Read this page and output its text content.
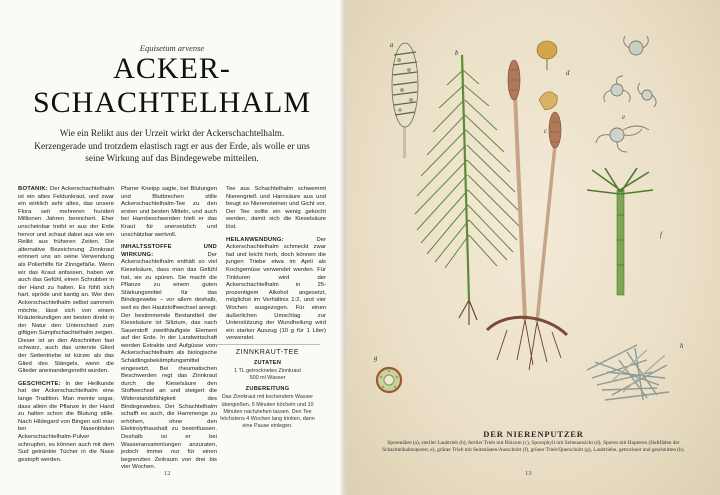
Equisetum arvense
ACKER-
SCHACHTELHALM
Wie ein Relikt aus der Urzeit wirkt der Ackerschachtelhalm. Kerzengerade und trotzdem elastisch ragt er aus der Erde, als wolle er uns seine Wirkung auf das Bindegewebe mitteilen.

BOTANIK: Der Ackerschachtelhalm ist ein altes Feldunkraut, und zwar ein wirklich sehr altes, das unsere Flora seit mehreren hundert Millionen Jahren bereichert. Eher unscheinbar treibt er aus der Erde hervor und schaut dabei aus wie ein Relikt aus früheren Zeiten. Die alternative Bezeichnung Zinnkraut erinnert uns an seine Verwendung als Polierhilfe für Zinngefäße. Wenn wir das Kraut anfassen, haben wir auch das Gefühl, einen Schrubber in der Hand zu halten. Es fühlt sich hart, spröde und kantig an. Wer den Ackerschachtelhalm selbst sammeln möchte, lässt sich von einem Kräuterkundigen am besten direkt in der Natur den Unterschied zum giftigen Sumpfschachtelhalm zeigen. Dieser ist an den Abschnitten fast schwarz, auch das unterste Glied der Seitentriebe ist kürzer als das Glied des Stängels, wenn die Glieder aneinandergereiht wurden.

GESCHICHTE: In der Heilkunde hat der Ackerschachtelhalm eine lange Tradition. Man meinte sogar, dass allein die Pflanze in der Hand zu halten schon die Blutung stille. Nach Hildegard von Bingen soll man bei Nasenbluten Ackerschachtelhalm-Pulver schnupfen, es können auch mit dem Sud getränkte Tücher in die Nase gestopft werden.

Pfarrer Kneipp sagte, bei Blutungen und Blutbrechen stille Ackerschachtelhalm-Tee zu den ersten und besten Mitteln, und auch bei Harnbeschwerden hielt er das Kraut für unersetzlich und unschätzbar wertvoll.

INHALTSSTOFFE UND WIRKUNG: Der Ackerschachtelhalm enthält so viel Kieselsäure, dass man das Gefühl hat, sie zu spüren. Sie macht die Pflanze zu einem guten Stärkungsmittel für das Bindegewebe – vor allem deshalb, weil es den Hautstoffwechsel anregt. Der bestimmende Bestandteil der Kieselsäure ist Silizium, das nach Sauerstoff zweithäufigste Element auf der Erde. In der Landwirtschaft werden Extrakte und Aufgüsse vom Ackerschachtelhalm als biologische Schädlingsbekämpfungsmittel eingesetzt. Bei rheumatischen Beschwerden regt das Zinnkraut durch die Kieselsäure den Stoffwechsel an und steigert die Widerstandsfähigkeit des Bindegewebes. Der Schachtelhalm schafft es auch, die Harnmenge zu erhöhen, ohne den Elektrolythaushalt zu beeinflussen. Deshalb ist er bei Wasseransammlungen anzuraten, jedoch immer nur für einen begrenzten Zeitraum von drei bis vier Wochen.

Tee aus Schachtelhalm schwemmt Nierengrieß und Harnsäure aus und beugt so Nierensteinen und Gicht vor. Der Tee sollte ein wenig gekocht werden, damit sich die Kieselsäure löst.

HEILANWENDUNG: Der Ackerschachtelhalm schmeckt zwar fad und leicht herb, doch können die jungen Triebe etwa im April als Kochgemüse verwendet werden. Für Tinkturen wird der Ackerschachtelhalm in 25-prozentigem Alkohol angesetzt, möglichst im Verhältnis 1:2, und vier Wochen ausgezogen. Für einen äußerlichen Umschlag zur Unterstützung der Wundheilung wird ein starker Auszug (10 g für 1 Liter) verwendet.

ZINNKRAUT-TEE
ZUTATEN
1 TL getrocknetes Zinnkraut
500 ml Wasser
ZUBEREITUNG
Das Zinnkraut mit kochendem Wasser übergießen, 5 Minuten köcheln und 10 Minuten nachziehen lassen. Den Tee höchstens 4 Wochen lang trinken, dann eine Pause einlegen.
12
a
b
c
d
e
f
g
h
DER NIERENPUTZER
Sporenähre (a), steriler Laubtrieb (b), fertiler Trieb mit Rhizom (c), Sporophyll mit Seitenansicht (d), Sporen mit Hapteren (Haftfäden der Schachtelhalmsporen; e), grüner Trieb mit Seitenästen/Ausschnitt (f), grüner Trieb/Querschnitt (g), Laubtriebe, getrocknet und geschnitten (h).
13
